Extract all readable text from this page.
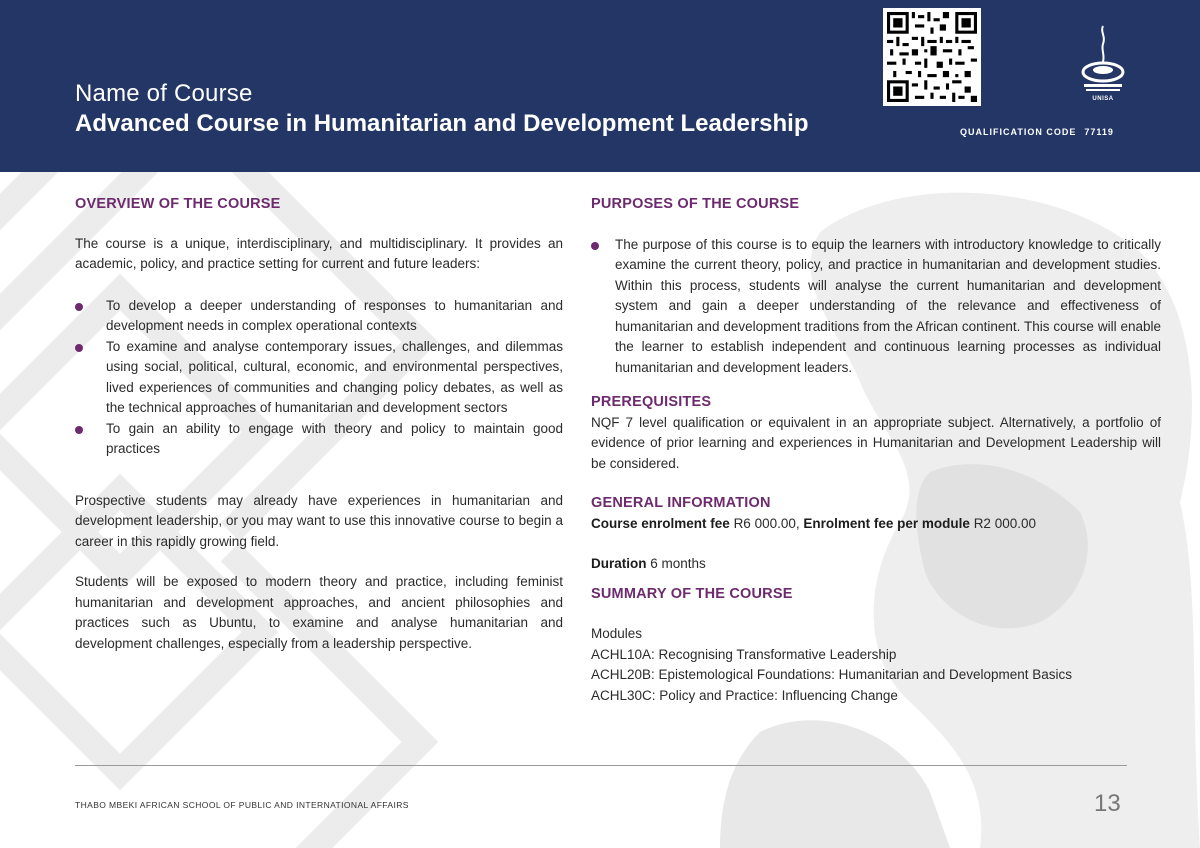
Name of Course
Advanced Course in Humanitarian and Development Leadership
UNISA
QUALIFICATION CODE 77119
OVERVIEW OF THE COURSE

The course is a unique, interdisciplinary, and multidisciplinary. It provides an academic, policy, and practice setting for current and future leaders:

To develop a deeper understanding of responses to humanitarian and development needs in complex operational contexts
To examine and analyse contemporary issues, challenges, and dilemmas using social, political, cultural, economic, and environmental perspectives, lived experiences of communities and changing policy debates, as well as the technical approaches of humanitarian and development sectors
To gain an ability to engage with theory and policy to maintain good practices

Prospective students may already have experiences in humanitarian and development leadership, or you may want to use this innovative course to begin a career in this rapidly growing field.

Students will be exposed to modern theory and practice, including feminist humanitarian and development approaches, and ancient philosophies and practices such as Ubuntu, to examine and analyse humanitarian and development challenges, especially from a leadership perspective.

PURPOSES OF THE COURSE
The purpose of this course is to equip the learners with introductory knowledge to critically examine the current theory, policy, and practice in humanitarian and development studies. Within this process, students will analyse the current humanitarian and development system and gain a deeper understanding of the relevance and effectiveness of humanitarian and development traditions from the African continent. This course will enable the learner to establish independent and continuous learning processes as individual humanitarian and development leaders.
PREREQUISITES

NQF 7 level qualification or equivalent in an appropriate subject. Alternatively, a portfolio of evidence of prior learning and experiences in Humanitarian and Development Leadership will be considered.

GENERAL INFORMATION

Course enrolment fee R6 000.00, Enrolment fee per module R2 000.00

Duration 6 months

SUMMARY OF THE COURSE

Modules

ACHL10A: Recognising Transformative Leadership

ACHL20B: Epistemological Foundations: Humanitarian and Development Basics

ACHL30C: Policy and Practice: Influencing Change

THABO MBEKI AFRICAN SCHOOL OF PUBLIC AND INTERNATIONAL AFFAIRS	13
